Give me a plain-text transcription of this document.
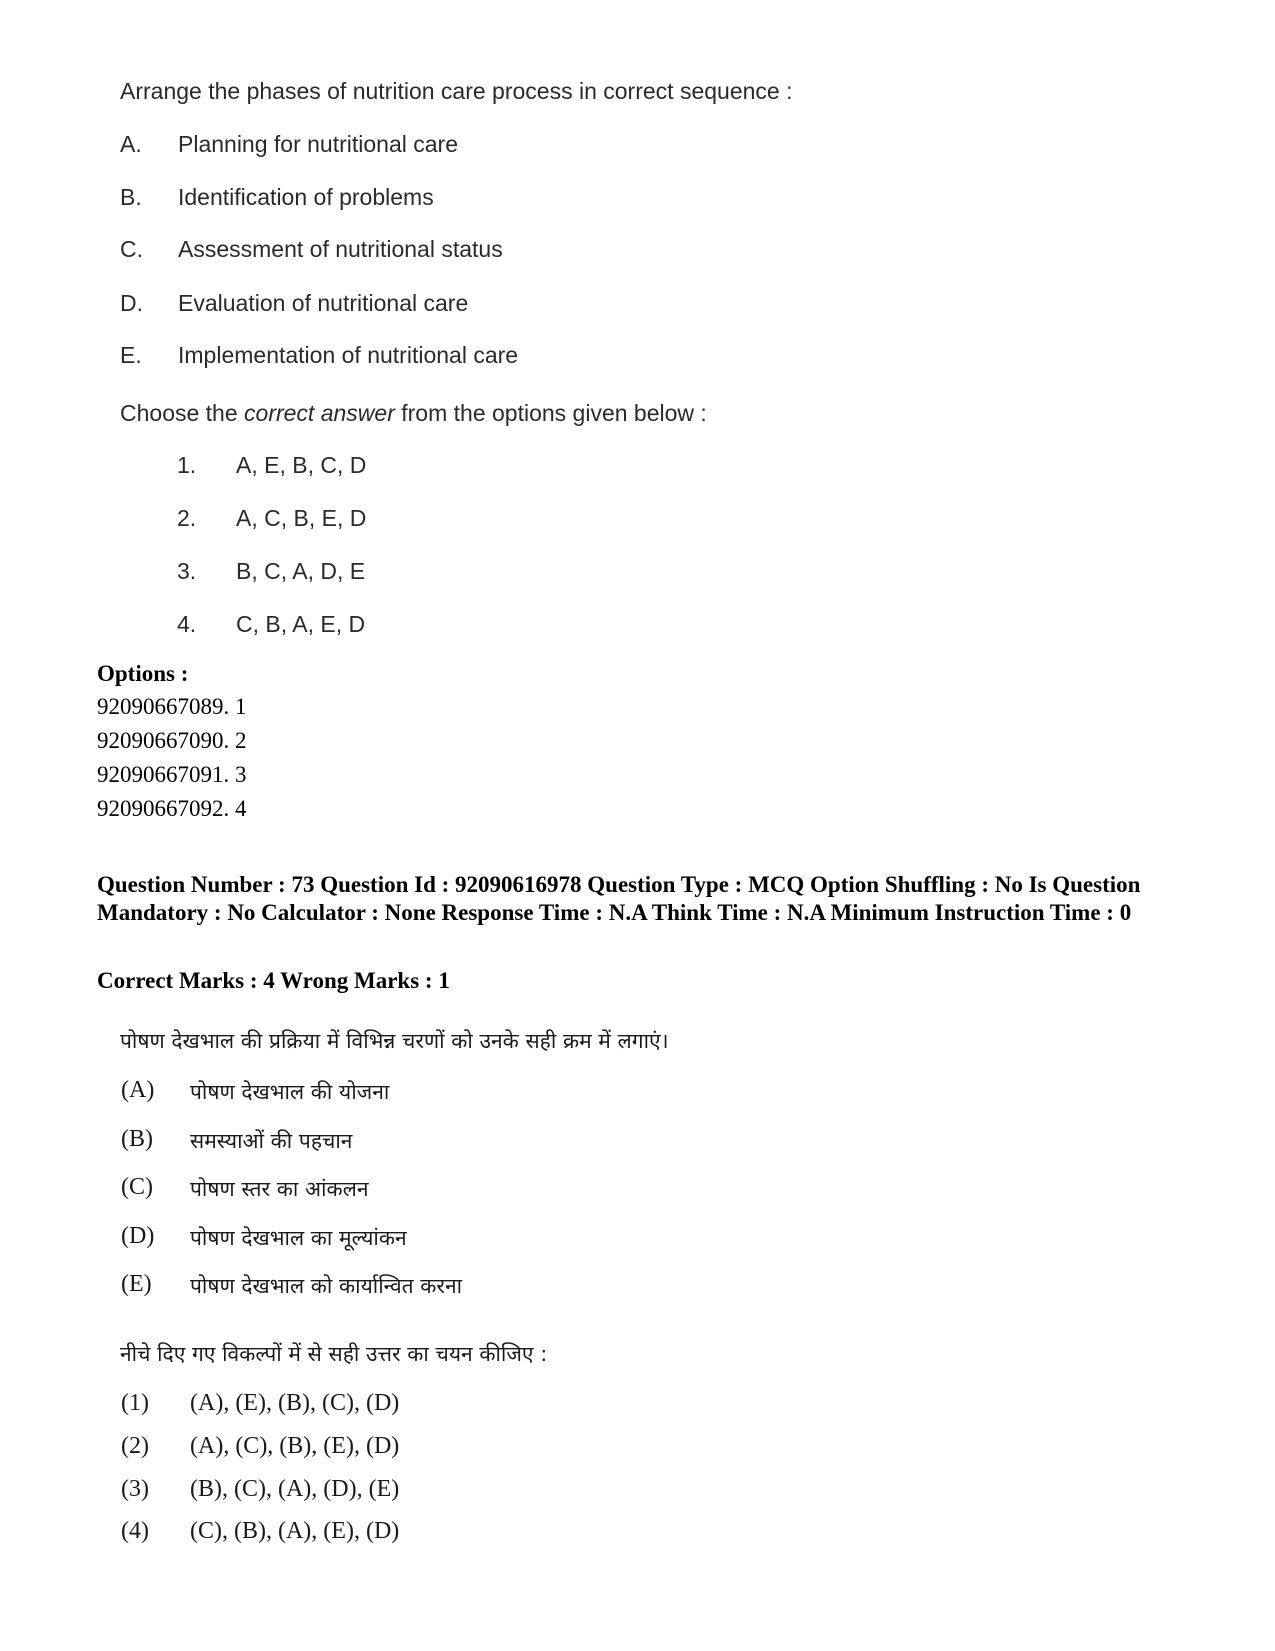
Arrange the phases of nutrition care process in correct sequence :
A.	Planning for nutritional care
B.	Identification of problems
C.	Assessment of nutritional status
D.	Evaluation of nutritional care
E.	Implementation of nutritional care
Choose the correct answer from the options given below :
1. A, E, B, C, D
2. A, C, B, E, D
3. B, C, A, D, E
4. C, B, A, E, D
Options :
92090667089. 1
92090667090. 2
92090667091. 3
92090667092. 4

Question Number : 73 Question Id : 92090616978 Question Type : MCQ Option Shuffling : No Is Question Mandatory : No Calculator : None Response Time : N.A Think Time : N.A Minimum Instruction Time : 0

Correct Marks : 4 Wrong Marks : 1
पोषण देखभाल की प्रक्रिया में विभिन्न चरणों को उनके सही क्रम में लगाएं।
(A) पोषण देखभाल की योजना
(B) समस्याओं की पहचान
(C) पोषण स्तर का आंकलन
(D) पोषण देखभाल का मूल्यांकन
(E) पोषण देखभाल को कार्यान्वित करना
नीचे दिए गए विकल्पों में से सही उत्तर का चयन कीजिए :
(1) (A), (E), (B), (C), (D)
(2) (A), (C), (B), (E), (D)
(3) (B), (C), (A), (D), (E)
(4) (C), (B), (A), (E), (D)
